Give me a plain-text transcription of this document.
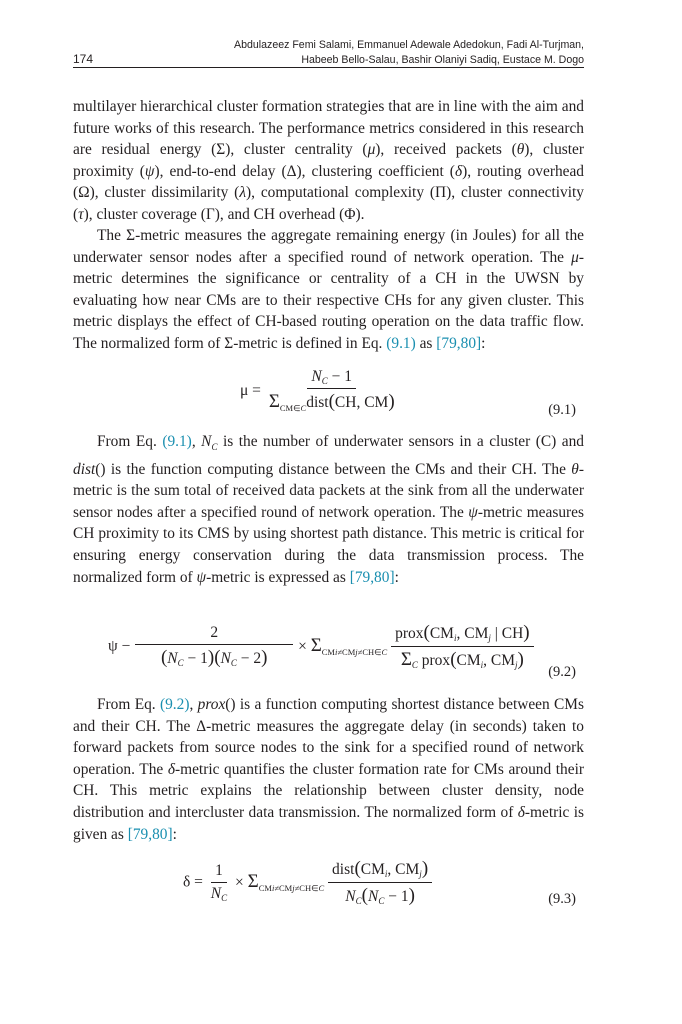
Abdulazeez Femi Salami, Emmanuel Adewale Adedokun, Fadi Al-Turjman,
Habeeb Bello-Salau, Bashir Olaniyi Sadiq, Eustace M. Dogo
174

multilayer hierarchical cluster formation strategies that are in line with the aim and future works of this research. The performance metrics considered in this research are residual energy (Σ), cluster centrality (μ), received packets (θ), cluster proximity (ψ), end-to-end delay (Δ), clustering coefficient (δ), routing overhead (Ω), cluster dissimilarity (λ), computational complexity (Π), cluster connectivity (τ), cluster coverage (Γ), and CH overhead (Φ).

The Σ-metric measures the aggregate remaining energy (in Joules) for all the underwater sensor nodes after a specified round of network operation. The μ-metric determines the significance or centrality of a CH in the UWSN by evaluating how near CMs are to their respective CHs for any given cluster. This metric displays the effect of CH-based routing operation on the data traffic flow. The normalized form of Σ-metric is defined in Eq. (9.1) as [79,80]:

$\mu = \frac{N_C - 1}{\Sigma_{CM\in C}dist(CH, CM)}$	(9.1)

From Eq. (9.1), $N_C$ is the number of underwater sensors in a cluster (C) and dist() is the function computing distance between the CMs and their CH. The θ-metric is the sum total of received data packets at the sink from all the underwater sensor nodes after a specified round of network operation. The ψ-metric measures CH proximity to its CMS by using shortest path distance. This metric is critical for ensuring energy conservation during the data transmission process. The normalized form of ψ-metric is expressed as [79,80]:

$\psi - \frac{2}{(N_C - 1)(N_C - 2)} \times \Sigma_{CMi\ne CMj\ne CH\in C} \frac{prox(CM_i, CM_j | CH)}{\Sigma_C prox(CM_i, CM_j)}$
(9.2)

From Eq. (9.2), prox() is a function computing shortest distance between CMs and their CH. The Δ-metric measures the aggregate delay (in seconds) taken to forward packets from source nodes to the sink for a specified round of network operation. The δ-metric quantifies the cluster formation rate for CMs around their CH. This metric explains the relationship between cluster density, node distribution and intercluster data transmission. The normalized form of δ-metric is given as [79,80]:

$\delta = \frac{1}{N_C} \times \Sigma_{CMi\ne CMj\ne CH\in C} \frac{dist(CM_i, CM_j)}{N_C(N_C - 1)}$	(9.3)
